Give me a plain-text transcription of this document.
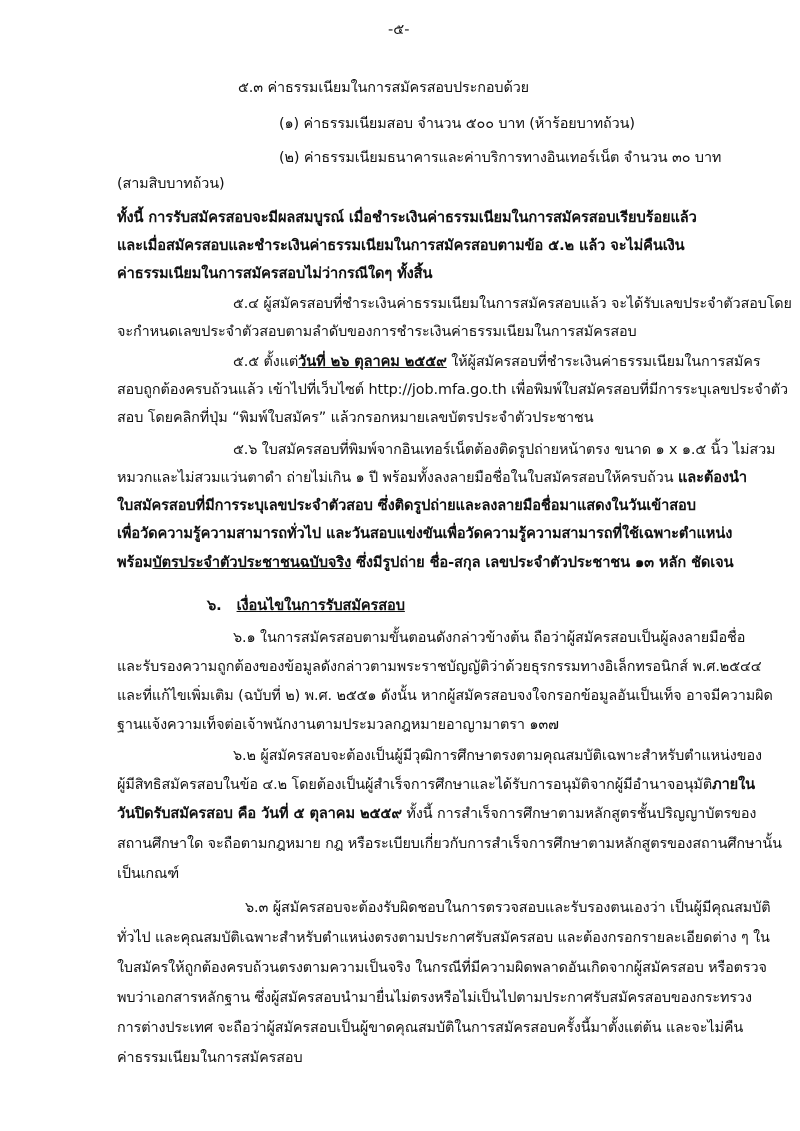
-๕-
๕.๓ ค่าธรรมเนียมในการสมัครสอบประกอบด้วย
(๑) ค่าธรรมเนียมสอบ จำนวน ๕๐๐ บาท (ห้าร้อยบาทถ้วน)
(๒) ค่าธรรมเนียมธนาคารและค่าบริการทางอินเทอร์เน็ต จำนวน ๓๐ บาท
(สามสิบบาทถ้วน)
ทั้งนี้ การรับสมัครสอบจะมีผลสมบูรณ์ เมื่อชำระเงินค่าธรรมเนียมในการสมัครสอบเรียบร้อยแล้ว
และเมื่อสมัครสอบและชำระเงินค่าธรรมเนียมในการสมัครสอบตามข้อ ๕.๒ แล้ว จะไม่คืนเงิน
ค่าธรรมเนียมในการสมัครสอบไม่ว่ากรณีใดๆ ทั้งสิ้น
๕.๔ ผู้สมัครสอบที่ชำระเงินค่าธรรมเนียมในการสมัครสอบแล้ว จะได้รับเลขประจำตัวสอบโดย
จะกำหนดเลขประจำตัวสอบตามลำดับของการชำระเงินค่าธรรมเนียมในการสมัครสอบ
๕.๕ ตั้งแต่วันที่ ๒๖ ตุลาคม ๒๕๕๙ ให้ผู้สมัครสอบที่ชำระเงินค่าธรรมเนียมในการสมัคร
สอบถูกต้องครบถ้วนแล้ว เข้าไปที่เว็บไซต์ http://job.mfa.go.th เพื่อพิมพ์ใบสมัครสอบที่มีการระบุเลขประจำตัว
สอบ โดยคลิกที่ปุ่ม “พิมพ์ใบสมัคร” แล้วกรอกหมายเลขบัตรประจำตัวประชาชน
๕.๖ ใบสมัครสอบที่พิมพ์จากอินเทอร์เน็ตต้องติดรูปถ่ายหน้าตรง ขนาด ๑ x ๑.๕ นิ้ว ไม่สวม
หมวกและไม่สวมแว่นตาดำ ถ่ายไม่เกิน ๑ ปี พร้อมทั้งลงลายมือชื่อในใบสมัครสอบให้ครบถ้วน และต้องนำ
ใบสมัครสอบที่มีการระบุเลขประจำตัวสอบ ซึ่งติดรูปถ่ายและลงลายมือชื่อมาแสดงในวันเข้าสอบ
เพื่อวัดความรู้ความสามารถทั่วไป และวันสอบแข่งขันเพื่อวัดความรู้ความสามารถที่ใช้เฉพาะตำแหน่ง
พร้อมบัตรประจำตัวประชาชนฉบับจริง ซึ่งมีรูปถ่าย ชื่อ-สกุล เลขประจำตัวประชาชน ๑๓ หลัก ชัดเจน
๖. เงื่อนไขในการรับสมัครสอบ
๖.๑ ในการสมัครสอบตามขั้นตอนดังกล่าวข้างต้น ถือว่าผู้สมัครสอบเป็นผู้ลงลายมือชื่อ
และรับรองความถูกต้องของข้อมูลดังกล่าวตามพระราชบัญญัติว่าด้วยธุรกรรมทางอิเล็กทรอนิกส์ พ.ศ.๒๕๔๔
และที่แก้ไขเพิ่มเติม (ฉบับที่ ๒) พ.ศ. ๒๕๕๑ ดังนั้น หากผู้สมัครสอบจงใจกรอกข้อมูลอันเป็นเท็จ อาจมีความผิด
ฐานแจ้งความเท็จต่อเจ้าพนักงานตามประมวลกฎหมายอาญามาตรา ๑๓๗
๖.๒ ผู้สมัครสอบจะต้องเป็นผู้มีวุฒิการศึกษาตรงตามคุณสมบัติเฉพาะสำหรับตำแหน่งของ
ผู้มีสิทธิสมัครสอบในข้อ ๔.๒ โดยต้องเป็นผู้สำเร็จการศึกษาและได้รับการอนุมัติจากผู้มีอำนาจอนุมัติภายใน
วันปิดรับสมัครสอบ คือ วันที่ ๕ ตุลาคม ๒๕๕๙ ทั้งนี้ การสำเร็จการศึกษาตามหลักสูตรชั้นปริญญาบัตรของ
สถานศึกษาใด จะถือตามกฎหมาย กฎ หรือระเบียบเกี่ยวกับการสำเร็จการศึกษาตามหลักสูตรของสถานศึกษานั้น
เป็นเกณฑ์
๖.๓ ผู้สมัครสอบจะต้องรับผิดชอบในการตรวจสอบและรับรองตนเองว่า เป็นผู้มีคุณสมบัติ
ทั่วไป และคุณสมบัติเฉพาะสำหรับตำแหน่งตรงตามประกาศรับสมัครสอบ และต้องกรอกรายละเอียดต่าง ๆ ใน
ใบสมัครให้ถูกต้องครบถ้วนตรงตามความเป็นจริง ในกรณีที่มีความผิดพลาดอันเกิดจากผู้สมัครสอบ หรือตรวจ
พบว่าเอกสารหลักฐาน ซึ่งผู้สมัครสอบนำมายื่นไม่ตรงหรือไม่เป็นไปตามประกาศรับสมัครสอบของกระทรวง
การต่างประเทศ จะถือว่าผู้สมัครสอบเป็นผู้ขาดคุณสมบัติในการสมัครสอบครั้งนี้มาตั้งแต่ต้น และจะไม่คืน
ค่าธรรมเนียมในการสมัครสอบ
